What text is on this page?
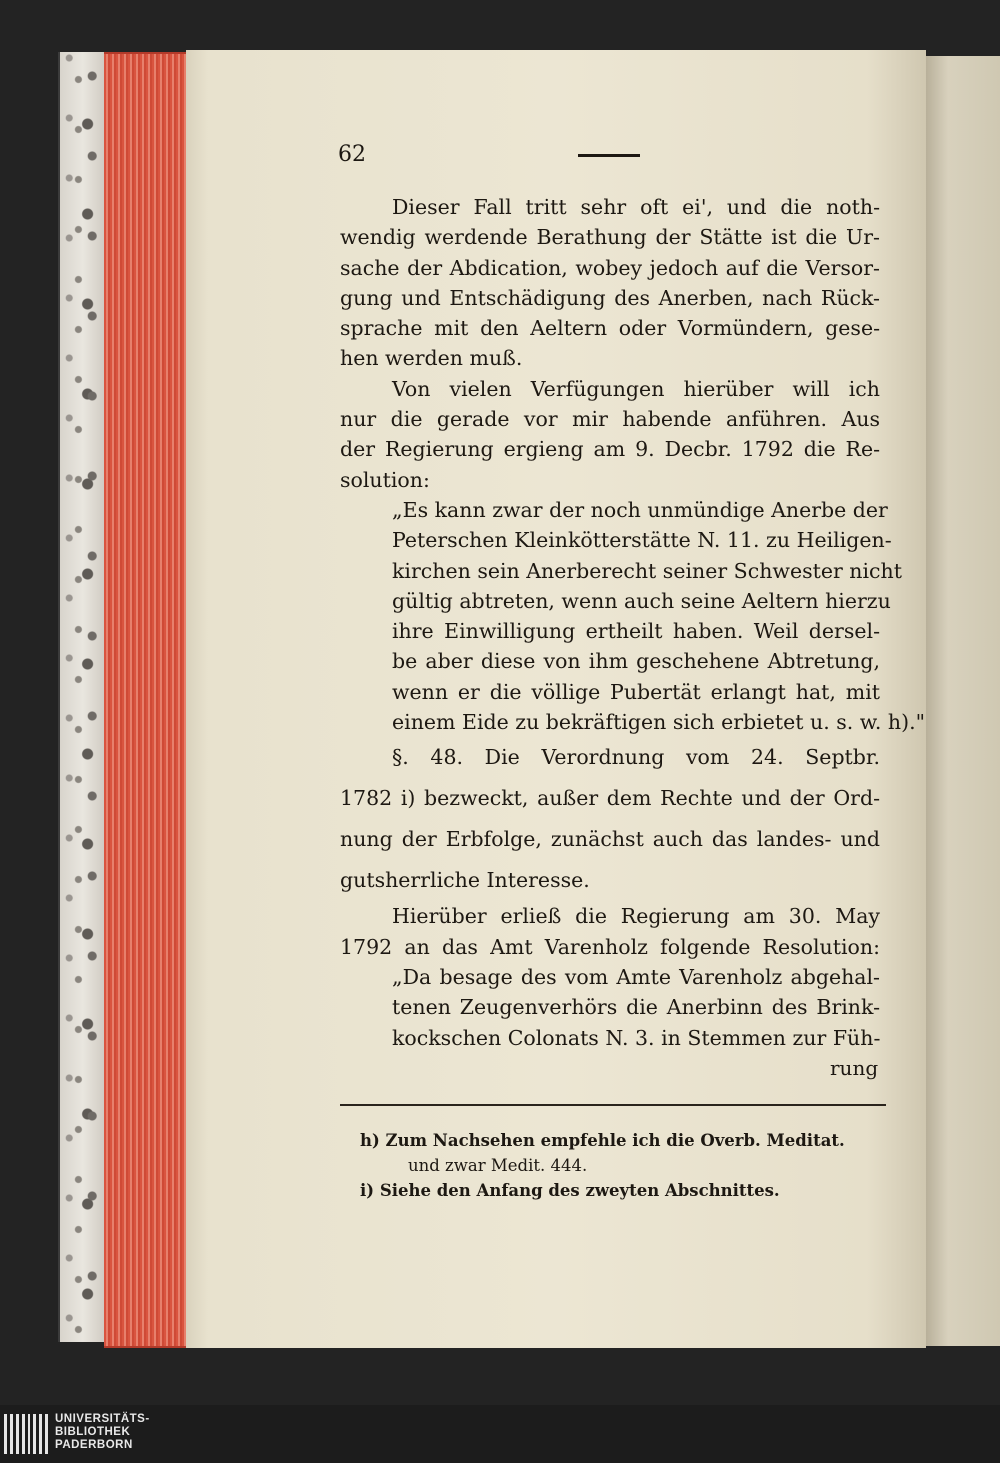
62
Dieser Fall tritt sehr oft ei', und die noth-
wendig werdende Berathung der Stätte ist die Ur-
sache der Abdication, wobey jedoch auf die Versor-
gung und Entschädigung des Anerben, nach Rück-
sprache mit den Aeltern oder Vormündern, gese-
hen werden muß.
Von vielen Verfügungen hierüber will ich
nur die gerade vor mir habende anführen. Aus
der Regierung ergieng am 9. Decbr. 1792 die Re-
solution:
„Es kann zwar der noch unmündige Anerbe der
Peterschen Kleinkötterstätte N. 11. zu Heiligen-
kirchen sein Anerberecht seiner Schwester nicht
gültig abtreten, wenn auch seine Aeltern hierzu
ihre Einwilligung ertheilt haben. Weil dersel-
be aber diese von ihm geschehene Abtretung,
wenn er die völlige Pubertät erlangt hat, mit
einem Eide zu bekräftigen sich erbietet u. s. w. h)."
§. 48. Die Verordnung vom 24. Septbr.
1782 i) bezweckt, außer dem Rechte und der Ord-
nung der Erbfolge, zunächst auch das landes- und
gutsherrliche Interesse.
Hierüber erließ die Regierung am 30. May
1792 an das Amt Varenholz folgende Resolution:
„Da besage des vom Amte Varenholz abgehal-
tenen Zeugenverhörs die Anerbinn des Brink-
kockschen Colonats N. 3. in Stemmen zur Füh-
rung
h) Zum Nachsehen empfehle ich die Overb. Meditat.
und zwar Medit. 444.
i) Siehe den Anfang des zweyten Abschnittes.
UNIVERSITÄTS-
BIBLIOTHEK
PADERBORN
